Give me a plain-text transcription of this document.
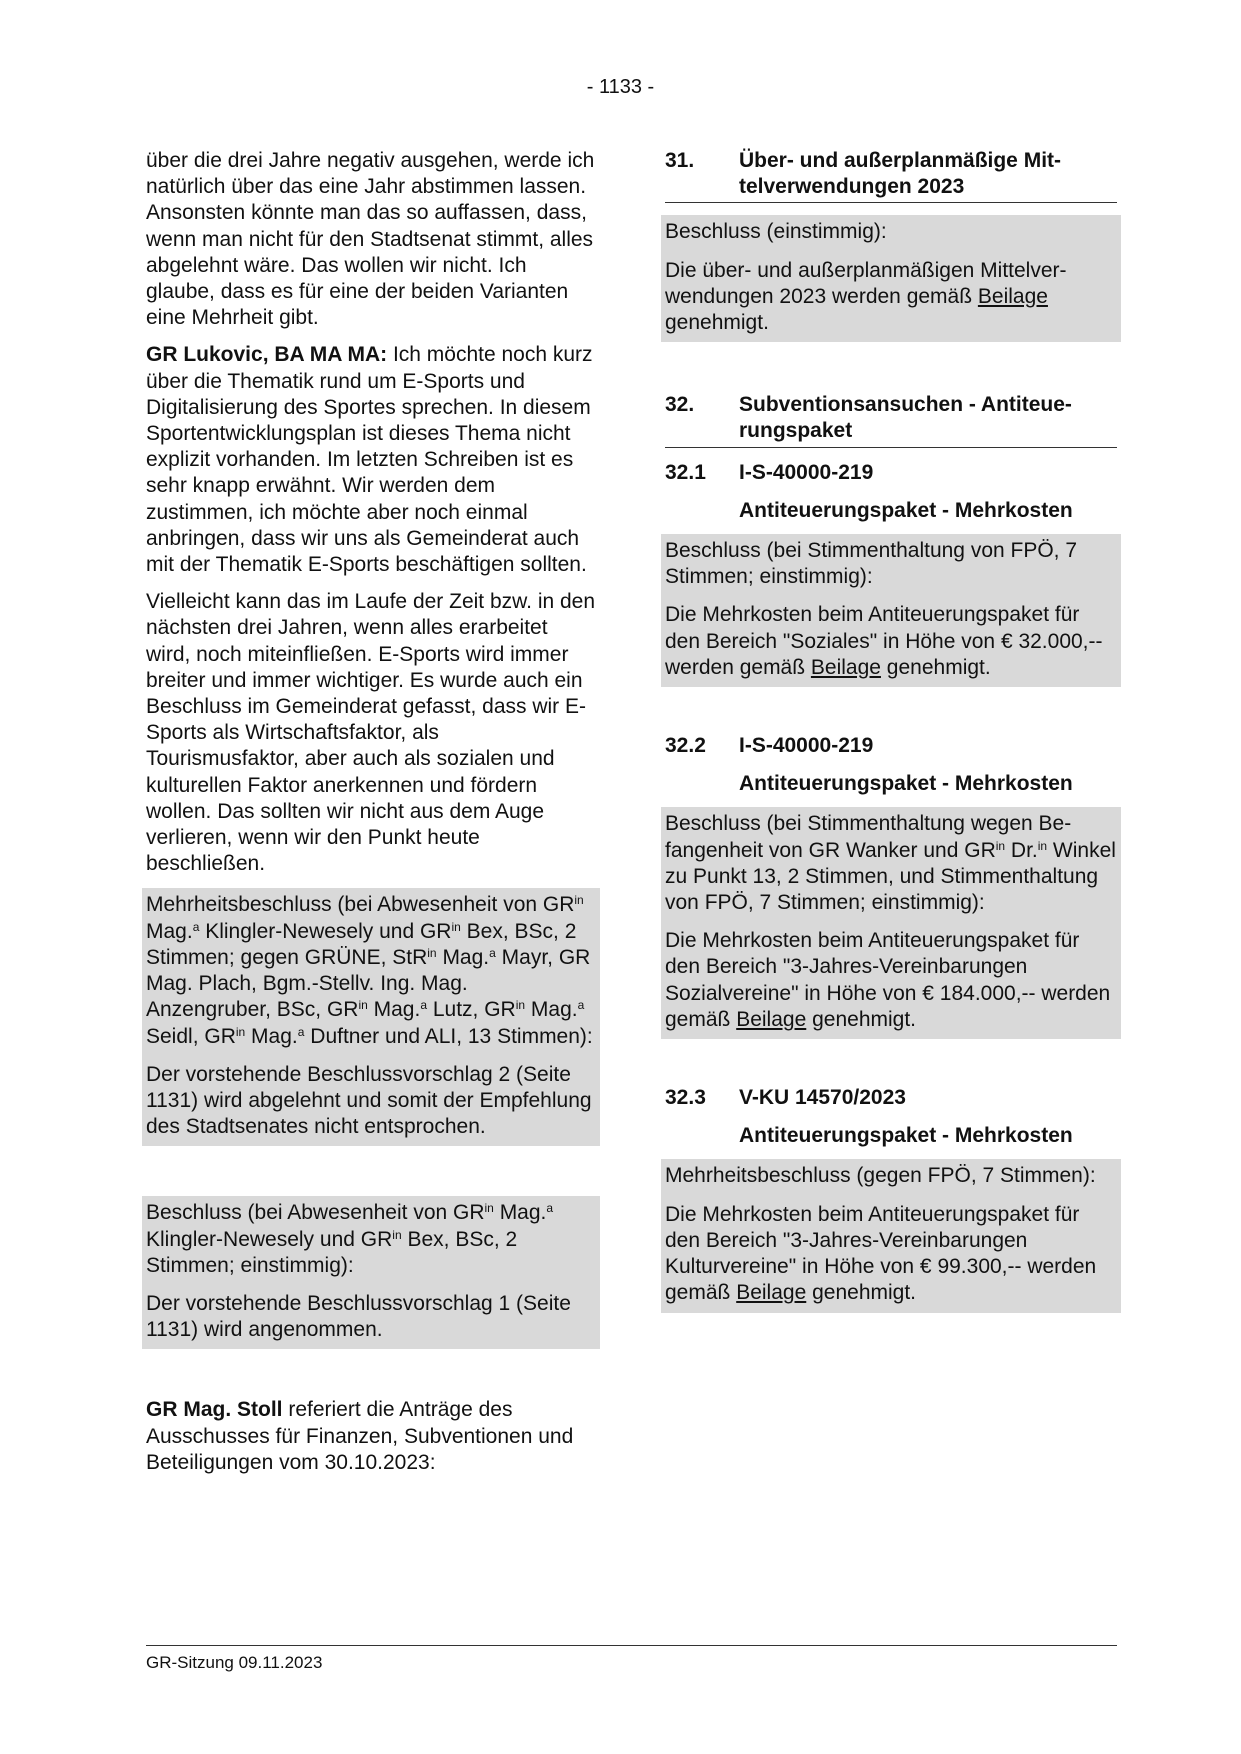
- 1133 -

über die drei Jahre negativ ausgehen, werde ich natürlich über das eine Jahr abstimmen lassen. Ansonsten könnte man das so auffassen, dass, wenn man nicht für den Stadtsenat stimmt, alles abgelehnt wäre. Das wollen wir nicht. Ich glaube, dass es für eine der beiden Varianten eine Mehrheit gibt.

GR Lukovic, BA MA MA: Ich möchte noch kurz über die Thematik rund um E-Sports und Digitalisierung des Sportes sprechen. In diesem Sportentwicklungsplan ist dieses Thema nicht explizit vorhanden. Im letzten Schreiben ist es sehr knapp erwähnt. Wir werden dem zustimmen, ich möchte aber noch einmal anbringen, dass wir uns als Gemeinderat auch mit der Thematik E-Sports beschäftigen sollten.

Vielleicht kann das im Laufe der Zeit bzw. in den nächsten drei Jahren, wenn alles erarbeitet wird, noch miteinfließen. E-Sports wird immer breiter und immer wichtiger. Es wurde auch ein Beschluss im Gemeinderat gefasst, dass wir E-Sports als Wirtschaftsfaktor, als Tourismusfaktor, aber auch als sozialen und kulturellen Faktor anerkennen und fördern wollen. Das sollten wir nicht aus dem Auge verlieren, wenn wir den Punkt heute beschließen.

Mehrheitsbeschluss (bei Abwesenheit von $GR^{in}$ Mag.$^a$ Klingler-Newesely und $GR^{in}$ Bex, BSc, 2 Stimmen; gegen GRÜNE, StR$^{in}$ Mag.$^a$ Mayr, GR Mag. Plach, Bgm.-Stellv. Ing. Mag. Anzengruber, BSc, $GR^{in}$ Mag.$^a$ Lutz, $GR^{in}$ Mag.$^a$ Seidl, $GR^{in}$ Mag.$^a$ Duftner und ALI, 13 Stimmen):

Der vorstehende Beschlussvorschlag 2 (Seite 1131) wird abgelehnt und somit der Empfehlung des Stadtsenates nicht entsprochen.

Beschluss (bei Abwesenheit von $GR^{in}$ Mag.$^a$ Klingler-Newesely und $GR^{in}$ Bex, BSc, 2 Stimmen; einstimmig):

Der vorstehende Beschlussvorschlag 1 (Seite 1131) wird angenommen.

GR Mag. Stoll referiert die Anträge des Ausschusses für Finanzen, Subventionen und Beteiligungen vom 30.10.2023:

31.	Über- und außerplanmäßige Mittelverwendungen 2023

Beschluss (einstimmig):

Die über- und außerplanmäßigen Mittelverwendungen 2023 werden gemäß Beilage genehmigt.

32.	Subventionsansuchen - Antiteuerungspaket
32.1	I-S-40000-219
Antiteuerungspaket - Mehrkosten

Beschluss (bei Stimmenthaltung von FPÖ, 7 Stimmen; einstimmig):

Die Mehrkosten beim Antiteuerungspaket für den Bereich "Soziales" in Höhe von € 32.000,-- werden gemäß Beilage genehmigt.

32.2	I-S-40000-219
Antiteuerungspaket - Mehrkosten

Beschluss (bei Stimmenthaltung wegen Befangenheit von GR Wanker und $GR^{in}$ Dr.$^{in}$ Winkel zu Punkt 13, 2 Stimmen, und Stimmenthaltung von FPÖ, 7 Stimmen; einstimmig):

Die Mehrkosten beim Antiteuerungspaket für den Bereich "3-Jahres-Vereinbarungen Sozialvereine" in Höhe von € 184.000,-- werden gemäß Beilage genehmigt.

32.3	V-KU 14570/2023
Antiteuerungspaket - Mehrkosten

Mehrheitsbeschluss (gegen FPÖ, 7 Stimmen):

Die Mehrkosten beim Antiteuerungspaket für den Bereich "3-Jahres-Vereinbarungen Kulturvereine" in Höhe von € 99.300,-- werden gemäß Beilage genehmigt.

GR-Sitzung 09.11.2023
